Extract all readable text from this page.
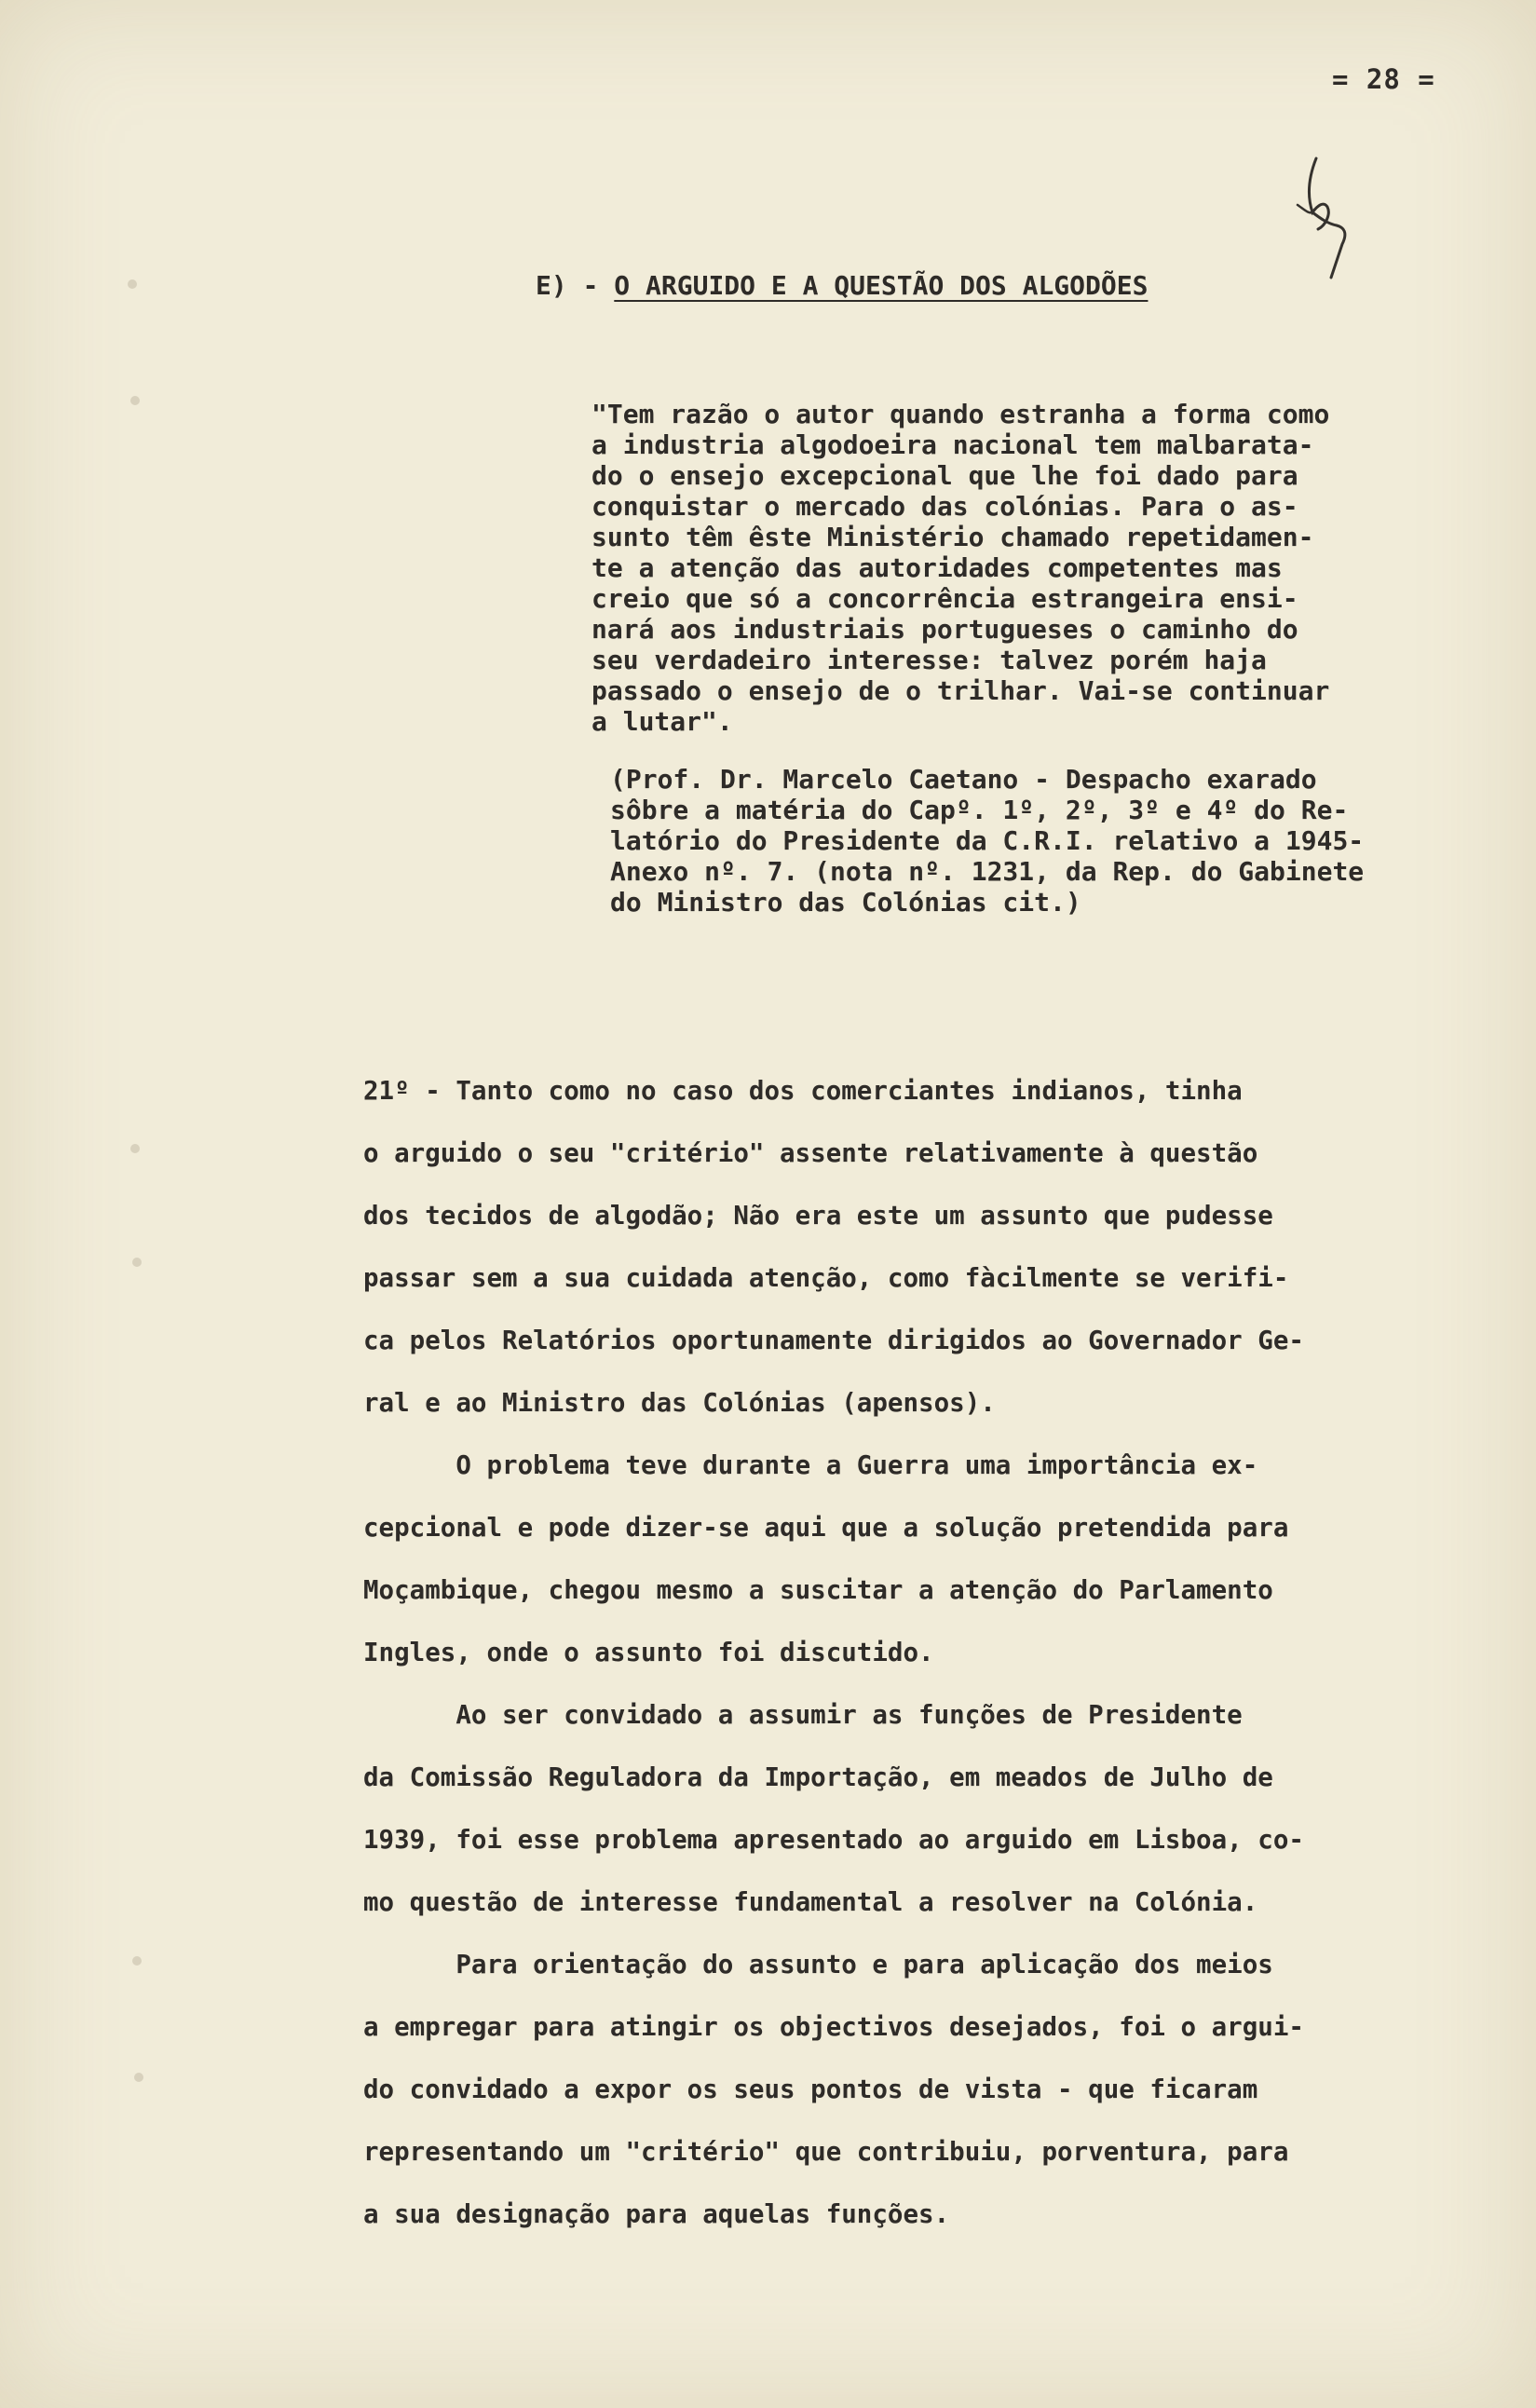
= 28 =
E) - O ARGUIDO E A QUESTÃO DOS ALGODÕES
"Tem razão o autor quando estranha a forma como
a industria algodoeira nacional tem malbarata-
do o ensejo excepcional que lhe foi dado para
conquistar o mercado das colónias. Para o as-
sunto têm êste Ministério chamado repetidamen-
te a atenção das autoridades competentes mas
creio que só a concorrência estrangeira ensi-
nará aos industriais portugueses o caminho do
seu verdadeiro interesse: talvez porém haja
passado o ensejo de o trilhar. Vai-se continuar
a lutar".
(Prof. Dr. Marcelo Caetano - Despacho exarado
sôbre a matéria do Capº. 1º, 2º, 3º e 4º do Re-
latório do Presidente da C.R.I. relativo a 1945-
Anexo nº. 7. (nota nº. 1231, da Rep. do Gabinete
do Ministro das Colónias cit.)
21º - Tanto como no caso dos comerciantes indianos, tinha
o arguido o seu "critério" assente relativamente à questão
dos tecidos de algodão; Não era este um assunto que pudesse
passar sem a sua cuidada atenção, como fàcilmente se verifi-
ca pelos Relatórios oportunamente dirigidos ao Governador Ge-
ral e ao Ministro das Colónias (apensos).
O problema teve durante a Guerra uma importância ex-
cepcional e pode dizer-se aqui que a solução pretendida para
Moçambique, chegou mesmo a suscitar a atenção do Parlamento
Ingles, onde o assunto foi discutido.
Ao ser convidado a assumir as funções de Presidente
da Comissão Reguladora da Importação, em meados de Julho de
1939, foi esse problema apresentado ao arguido em Lisboa, co-
mo questão de interesse fundamental a resolver na Colónia.
Para orientação do assunto e para aplicação dos meios
a empregar para atingir os objectivos desejados, foi o argui-
do convidado a expor os seus pontos de vista - que ficaram
representando um "critério" que contribuiu, porventura, para
a sua designação para aquelas funções.
